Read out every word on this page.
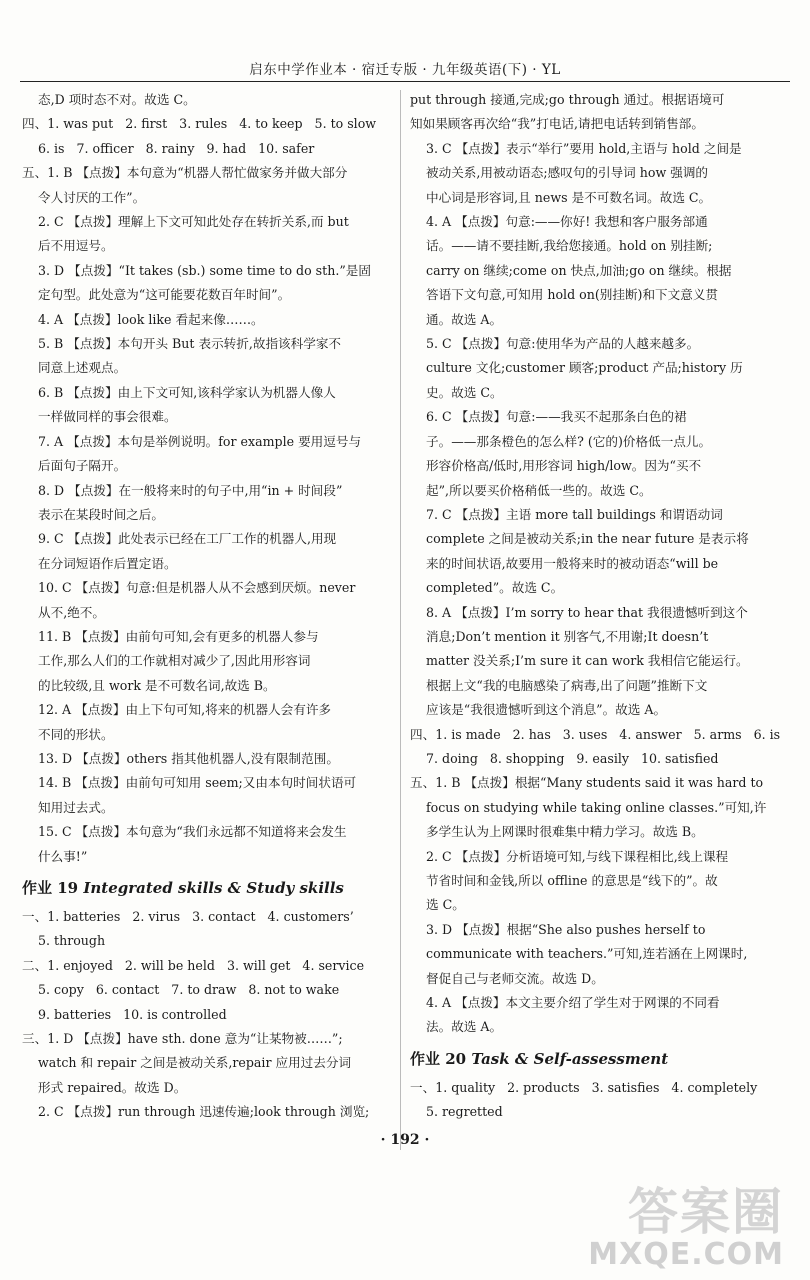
启东中学作业本 · 宿迁专版 · 九年级英语(下) · YL
态,D 项时态不对。故选 C。
四、1. was put   2. first   3. rules   4. to keep   5. to slow
6. is   7. officer   8. rainy   9. had   10. safer
五、1. B 【点拨】本句意为“机器人帮忙做家务并做大部分
令人讨厌的工作”。
2. C 【点拨】理解上下文可知此处存在转折关系,而 but
后不用逗号。
3. D 【点拨】“It takes (sb.) some time to do sth.”是固
定句型。此处意为“这可能要花数百年时间”。
4. A 【点拨】look like 看起来像……。
5. B 【点拨】本句开头 But 表示转折,故指该科学家不
同意上述观点。
6. B 【点拨】由上下文可知,该科学家认为机器人像人
一样做同样的事会很难。
7. A 【点拨】本句是举例说明。for example 要用逗号与
后面句子隔开。
8. D 【点拨】在一般将来时的句子中,用“in + 时间段”
表示在某段时间之后。
9. C 【点拨】此处表示已经在工厂工作的机器人,用现
在分词短语作后置定语。
10. C 【点拨】句意:但是机器人从不会感到厌烦。never
从不,绝不。
11. B 【点拨】由前句可知,会有更多的机器人参与
工作,那么人们的工作就相对减少了,因此用形容词
的比较级,且 work 是不可数名词,故选 B。
12. A 【点拨】由上下句可知,将来的机器人会有许多
不同的形状。
13. D 【点拨】others 指其他机器人,没有限制范围。
14. B 【点拨】由前句可知用 seem;又由本句时间状语可
知用过去式。
15. C 【点拨】本句意为“我们永远都不知道将来会发生
什么事!”
作业 19 Integrated skills & Study skills
一、1. batteries   2. virus   3. contact   4. customers’
5. through
二、1. enjoyed   2. will be held   3. will get   4. service
5. copy   6. contact   7. to draw   8. not to wake
9. batteries   10. is controlled
三、1. D 【点拨】have sth. done 意为“让某物被……”;
watch 和 repair 之间是被动关系,repair 应用过去分词
形式 repaired。故选 D。
2. C 【点拨】run through 迅速传遍;look through 浏览;
put through 接通,完成;go through 通过。根据语境可
知如果顾客再次给“我”打电话,请把电话转到销售部。
3. C 【点拨】表示“举行”要用 hold,主语与 hold 之间是
被动关系,用被动语态;感叹句的引导词 how 强调的
中心词是形容词,且 news 是不可数名词。故选 C。
4. A 【点拨】句意:——你好! 我想和客户服务部通
话。——请不要挂断,我给您接通。hold on 别挂断;
carry on 继续;come on 快点,加油;go on 继续。根据
答语下文句意,可知用 hold on(别挂断)和下文意义贯
通。故选 A。
5. C 【点拨】句意:使用华为产品的人越来越多。
culture 文化;customer 顾客;product 产品;history 历
史。故选 C。
6. C 【点拨】句意:——我买不起那条白色的裙
子。——那条橙色的怎么样? (它的)价格低一点儿。
形容价格高/低时,用形容词 high/low。因为“买不
起”,所以要买价格稍低一些的。故选 C。
7. C 【点拨】主语 more tall buildings 和谓语动词
complete 之间是被动关系;in the near future 是表示将
来的时间状语,故要用一般将来时的被动语态“will be
completed”。故选 C。
8. A 【点拨】I’m sorry to hear that 我很遗憾听到这个
消息;Don’t mention it 别客气,不用谢;It doesn’t
matter 没关系;I’m sure it can work 我相信它能运行。
根据上文“我的电脑感染了病毒,出了问题”推断下文
应该是“我很遗憾听到这个消息”。故选 A。
四、1. is made   2. has   3. uses   4. answer   5. arms   6. is
7. doing   8. shopping   9. easily   10. satisfied
五、1. B 【点拨】根据“Many students said it was hard to
focus on studying while taking online classes.”可知,许
多学生认为上网课时很难集中精力学习。故选 B。
2. C 【点拨】分析语境可知,与线下课程相比,线上课程
节省时间和金钱,所以 offline 的意思是“线下的”。故
选 C。
3. D 【点拨】根据“She also pushes herself to
communicate with teachers.”可知,连若涵在上网课时,
督促自己与老师交流。故选 D。
4. A 【点拨】本文主要介绍了学生对于网课的不同看
法。故选 A。
作业 20 Task & Self-assessment
一、1. quality   2. products   3. satisfies   4. completely
5. regretted
· 192 ·
答案圈
MXQE.COM
